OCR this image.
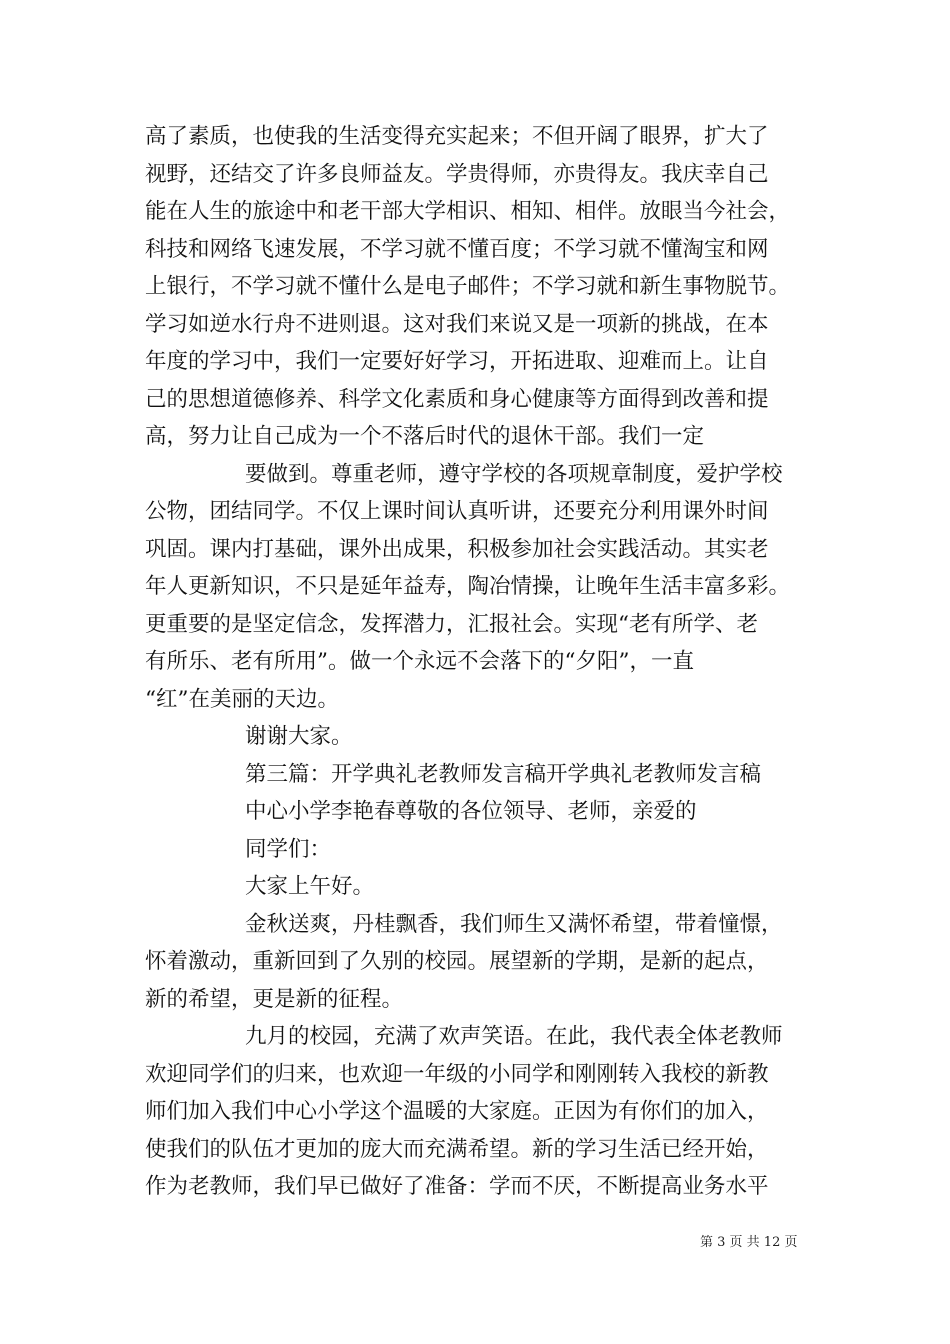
高了素质，也使我的生活变得充实起来；不但开阔了眼界，扩大了
视野，还结交了许多良师益友。学贵得师，亦贵得友。我庆幸自己
能在人生的旅途中和老干部大学相识、相知、相伴。放眼当今社会，
科技和网络飞速发展，不学习就不懂百度；不学习就不懂淘宝和网
上银行，不学习就不懂什么是电子邮件；不学习就和新生事物脱节。
学习如逆水行舟不进则退。这对我们来说又是一项新的挑战，在本
年度的学习中，我们一定要好好学习，开拓进取、迎难而上。让自
己的思想道德修养、科学文化素质和身心健康等方面得到改善和提
高，努力让自己成为一个不落后时代的退休干部。我们一定
要做到。尊重老师，遵守学校的各项规章制度，爱护学校
公物，团结同学。不仅上课时间认真听讲，还要充分利用课外时间
巩固。课内打基础，课外出成果，积极参加社会实践活动。其实老
年人更新知识，不只是延年益寿，陶冶情操，让晚年生活丰富多彩。
更重要的是坚定信念，发挥潜力，汇报社会。实现“老有所学、老
有所乐、老有所用”。做一个永远不会落下的“夕阳”，一直
“红”在美丽的天边。
谢谢大家。
第三篇：开学典礼老教师发言稿开学典礼老教师发言稿
中心小学李艳春尊敬的各位领导、老师，亲爱的
同学们：
大家上午好。
金秋送爽，丹桂飘香，我们师生又满怀希望，带着憧憬，
怀着激动，重新回到了久别的校园。展望新的学期，是新的起点，
新的希望，更是新的征程。
九月的校园，充满了欢声笑语。在此，我代表全体老教师
欢迎同学们的归来，也欢迎一年级的小同学和刚刚转入我校的新教
师们加入我们中心小学这个温暖的大家庭。正因为有你们的加入，
使我们的队伍才更加的庞大而充满希望。新的学习生活已经开始，
作为老教师，我们早已做好了准备：学而不厌，不断提高业务水平
第 3 页 共 12 页
